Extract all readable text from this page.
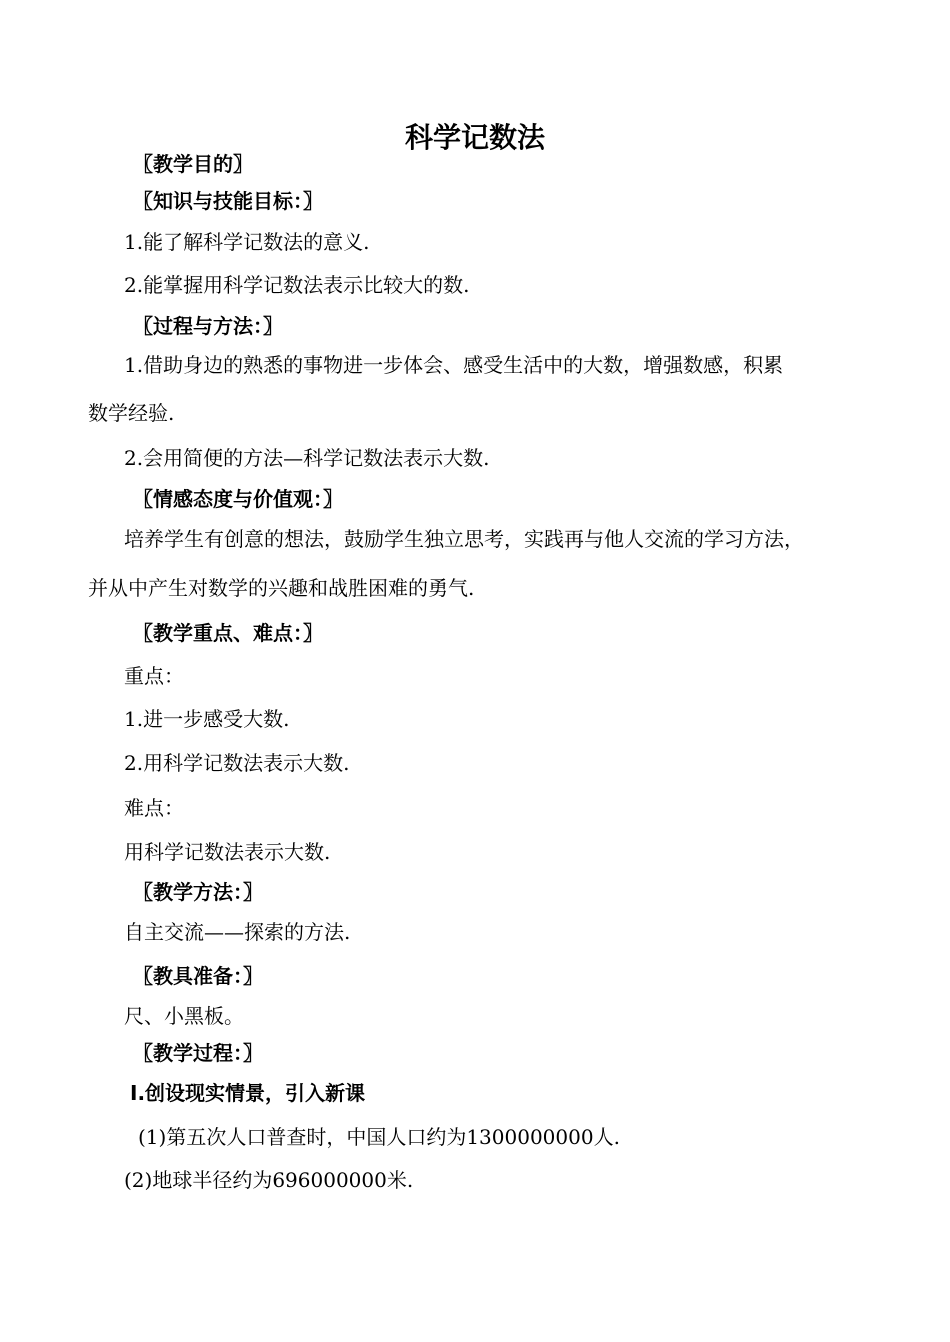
科学记数法
〖教学目的〗
〖知识与技能目标：〗
1.能了解科学记数法的意义.
2.能掌握用科学记数法表示比较大的数.
〖过程与方法：〗
1.借助身边的熟悉的事物进一步体会、感受生活中的大数，增强数感，积累
数学经验.
2.会用简便的方法—科学记数法表示大数.
〖情感态度与价值观：〗
培养学生有创意的想法，鼓励学生独立思考，实践再与他人交流的学习方法，
并从中产生对数学的兴趣和战胜困难的勇气.
〖教学重点、难点：〗
重点：
1.进一步感受大数.
2.用科学记数法表示大数.
难点：
用科学记数法表示大数.
〖教学方法：〗
自主交流——探索的方法.
〖教具准备：〗
尺、小黑板。
〖教学过程：〗
Ⅰ.创设现实情景，引入新课
(1)第五次人口普查时，中国人口约为1300000000人.
(2)地球半径约为696000000米.
